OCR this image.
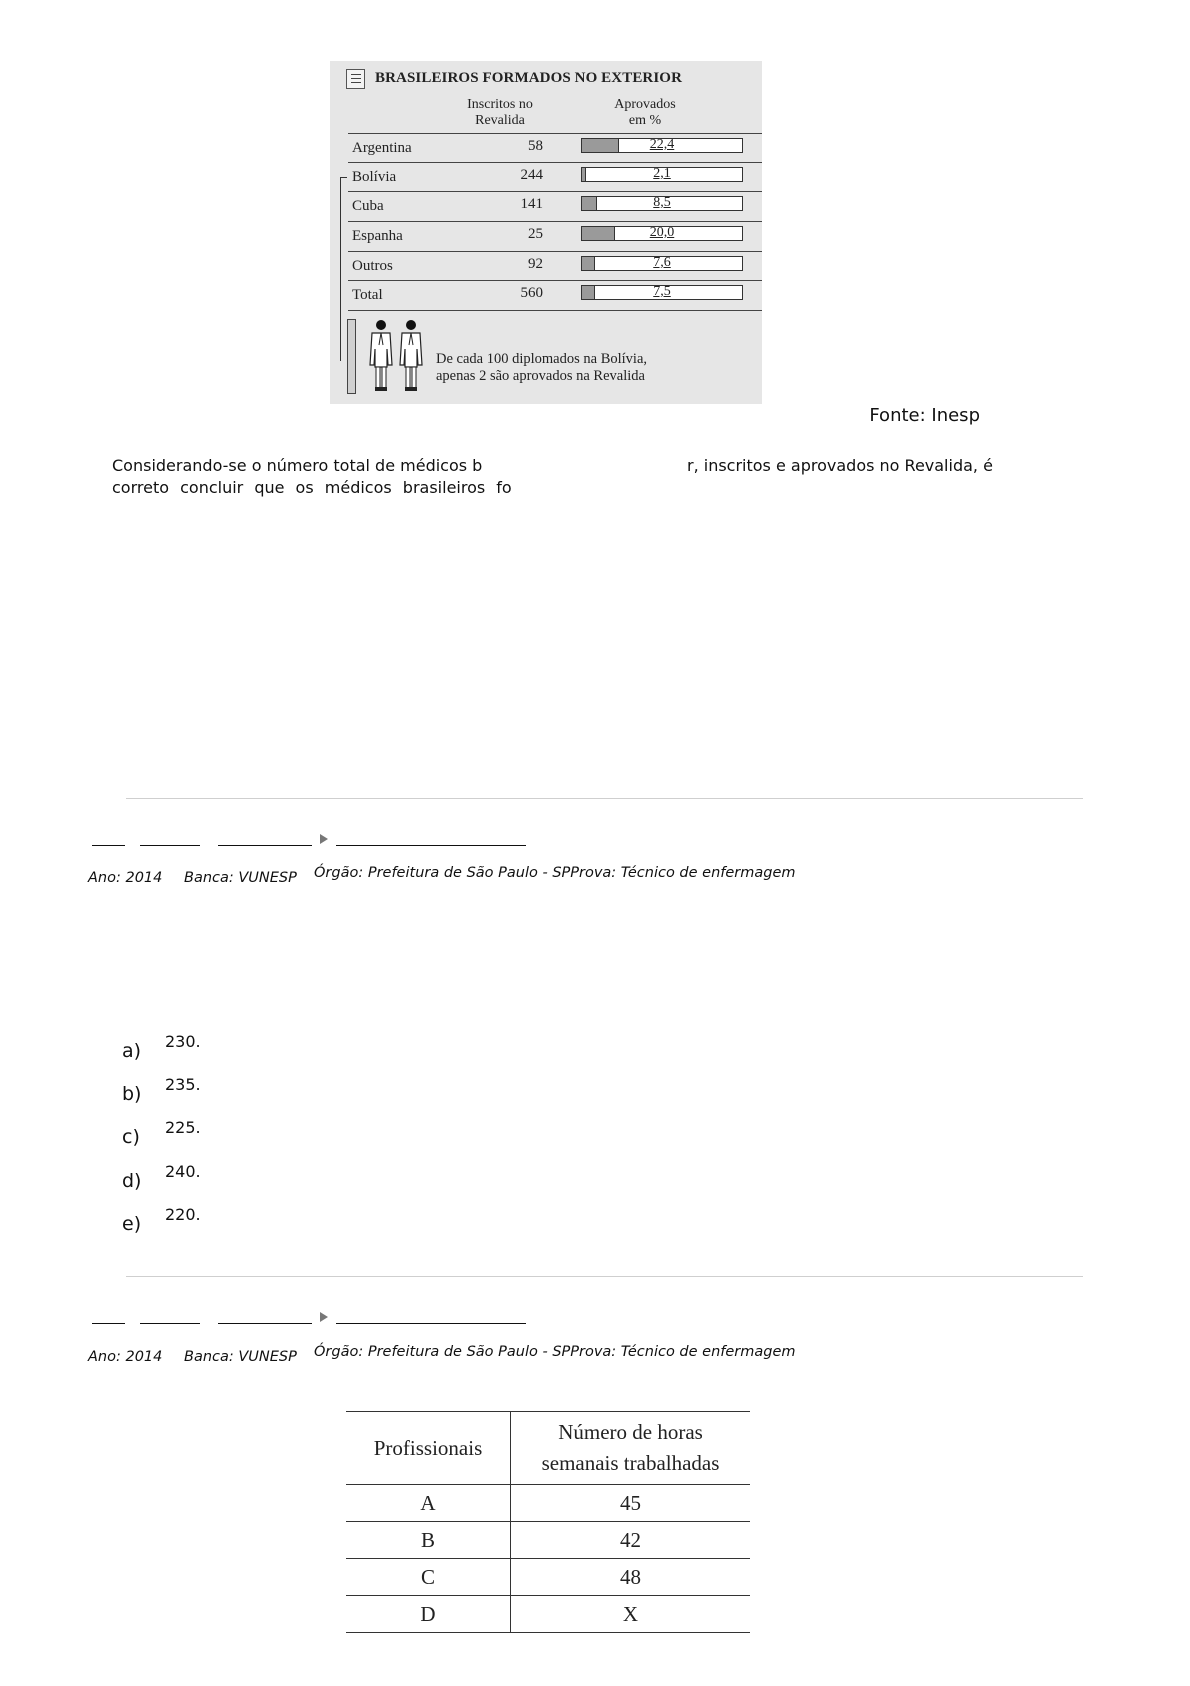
BRASILEIROS FORMADOS NO EXTERIOR
Inscritos no
Revalida
Aprovados
em %
Argentina	58	22,4
Bolívia	244	2,1
Cuba	141	8,5
Espanha	25	20,0
Outros	92	7,6
Total	560	7,5
De cada 100 diplomados na Bolívia,
apenas 2 são aprovados na Revalida
Fonte: Inesp
Considerando-se o número total de médicos b	r, inscritos e aprovados no Revalida, é
correto concluir que os médicos brasileiros fo
Ano: 2014 Banca: VUNESP Órgão: Prefeitura de São Paulo - SPProva: Técnico de enfermagem
a) 230.
b) 235.
c) 225.
d) 240.
e) 220.
Ano: 2014 Banca: VUNESP Órgão: Prefeitura de São Paulo - SPProva: Técnico de enfermagem
Profissionais	Número de horas
semanais trabalhadas

A	45
B	42
C	48
D	X
